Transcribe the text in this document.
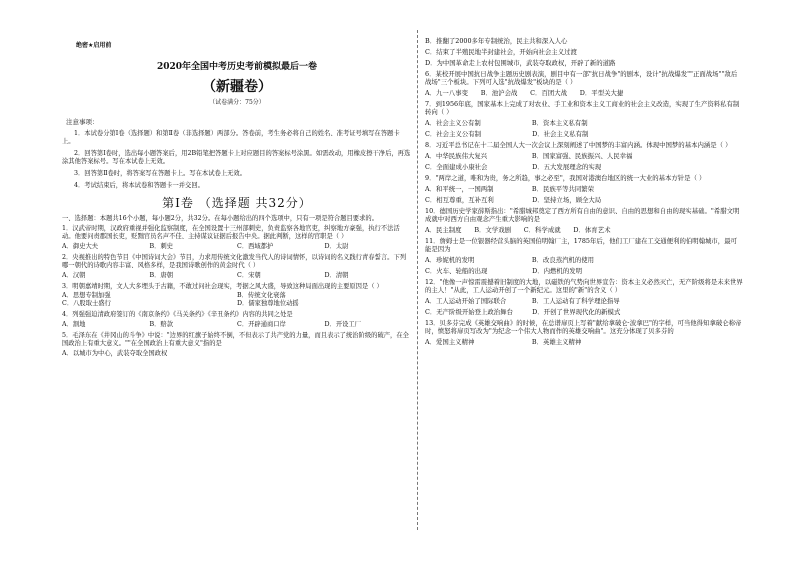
绝密★启用前
2020年全国中考历史考前模拟最后一卷
（新疆卷）
（试卷满分：75分）
注意事项：
1．本试卷分第Ⅰ卷（选择题）和第Ⅱ卷（非选择题）两部分。答卷前，考生务必将自己的姓名、准考证号填写在答题卡上。
2．回答第Ⅰ卷时，选出每小题答案后，用2B铅笔把答题卡上对应题目的答案标号涂黑。如需改动，用橡皮擦干净后，再选涂其他答案标号。写在本试卷上无效。
3．回答第Ⅱ卷时，将答案写在答题卡上。写在本试卷上无效。
4．考试结束后，将本试卷和答题卡一并交回。
第Ⅰ卷 （选择题 共32分）
一、选择题：本题共16个小题，每小题2分，共32分。在每小题给出的四个选项中，只有一项是符合题目要求的。
1．汉武帝时期，汉政府重视并强化监察制度，在全国设置十三州部刺史，负责监察各地官吏，纠察地方豪强，执行不法活动。他要问责郡国长吏，贬黜官员名声不佳、主持谋议证据后报告中央。据此判断，这样的官职是（ ）
A．御史大夫	B．刺史	C．西域都护	D．太尉
2．央视推出的特色节目《中国诗词大会》节目，力求用传统文化激发当代人的诗词情怀，以诗词的名义践行青春誓言。下列哪一朝代的诗歌内容丰富、风格多样，是我国诗歌创作的黄金时代（ ）
A．汉朝	B．唐朝	C．宋朝	D．清朝
3．明朝嘉靖时期，文人大多埋头于古籍，不敢过问社会现实，考据之风大盛，导致这种局面出现的主要原因是（ ）
A．思想专制加强	B．传统文化衰落
C．八股取士盛行	D．儒家独尊地位动摇
4．列强强迫清政府签订的《南京条约》《马关条约》《辛丑条约》内容的共同之处是
A．割地	B．赔款	C．开辟通商口岸	D．开设工厂
5．毛泽东在《井冈山的斗争》中说："边界的红旗子始终不倒，不但表示了共产党的力量，而且表示了统治阶级的破产，在全国政治上有重大意义。""在全国政治上有重大意义"指的是
A．以城市为中心，武装夺取全国政权
B．推翻了2000多年专制统治，民主共和深入人心
C．结束了半殖民地半封建社会，开始向社会主义过渡
D．为中国革命走上农村包围城市，武装夺取政权，开辟了新的道路
6．某校开展中国抗日战争主题历史剧表演，剧目中有一部"抗日战争"的剧本，设计"抗战爆发""正面战场""敌后战场"三个板块。下列可入选"抗战爆发"板块的是（ ）
A．九一八事变　　B．池沪会战　　C．百团大战　　D．平型关大捷
7．到1956年底，国家基本上完成了对农业、手工业和资本主义工商业的社会主义改造，实现了生产资料私有制转向（ ）
A．社会主义公有制　　　　　　　　B．资本主义私有制
C．社会主义公有制　　　　　　　　D．社会主义私有制
8．习近平总书记在十二届全国人大一次会议上深刻阐述了中国梦的丰富内涵。体现中国梦的基本内涵是（ ）
A．中华民族伟大复兴　　　　　　　B．国家富强、民族振兴、人民幸福
C．全面建成小康社会　　　　　　　D．五大发展理念的实现
9．"两岸之道，唯和为贵，务之所趋，事之必至"，我国对港澳台地区的统一大业的基本方针是（ ）
A．和平统一，一国两制　　　　　　B．民族平等共同繁荣
C．相互尊重，互补互利　　　　　　D．坚持立场，顾全大局
10．德国历史学家薛斯指出："希腊城邦奠定了西方所有自由的意识、自由的思想和自由的现实基础。"希腊文明成就中对西方自由观念产生重大影响的是
A．民主制度　　B．文学戏剧　　C．科学成就　　D．体育艺术
11．詹姆士是一位银器经营头脑的英国伯明翰厂主，1785年后，他们工厂建在工交通便利的伯明翰城市，最可能是因为
A．珍妮机的发明　　　　　　　　　B．改良蒸汽机的使用
C．火车、轮船的出现　　　　　　　D．内燃机的发明
12．"他像一声惊雷震撼着旧制度的大地，以磁铁的气势向世界宣告：资本主义必然灭亡，无产阶级将是未来世界的主人！"从此，工人运动开创了一个新纪元。这里的"新"的含义（ ）
A．工人运动开始了国际联合　　　　B．工人运动有了科学理论指导
C．无产阶级开始登上政治舞台　　　D．开创了世界现代化的新模式
13．贝多芬完成《英雄交响曲》的时候，在总谱扉页上写着"献给拿破仑·波拿巴"的字样，可当他得知拿破仑称帝时，愤怒将扉页写改为"为纪念一个伟大人物而作的英雄交响曲"。这充分体现了贝多芬的
A．爱国主义精神　　　　　　　　　B．英雄主义精神
